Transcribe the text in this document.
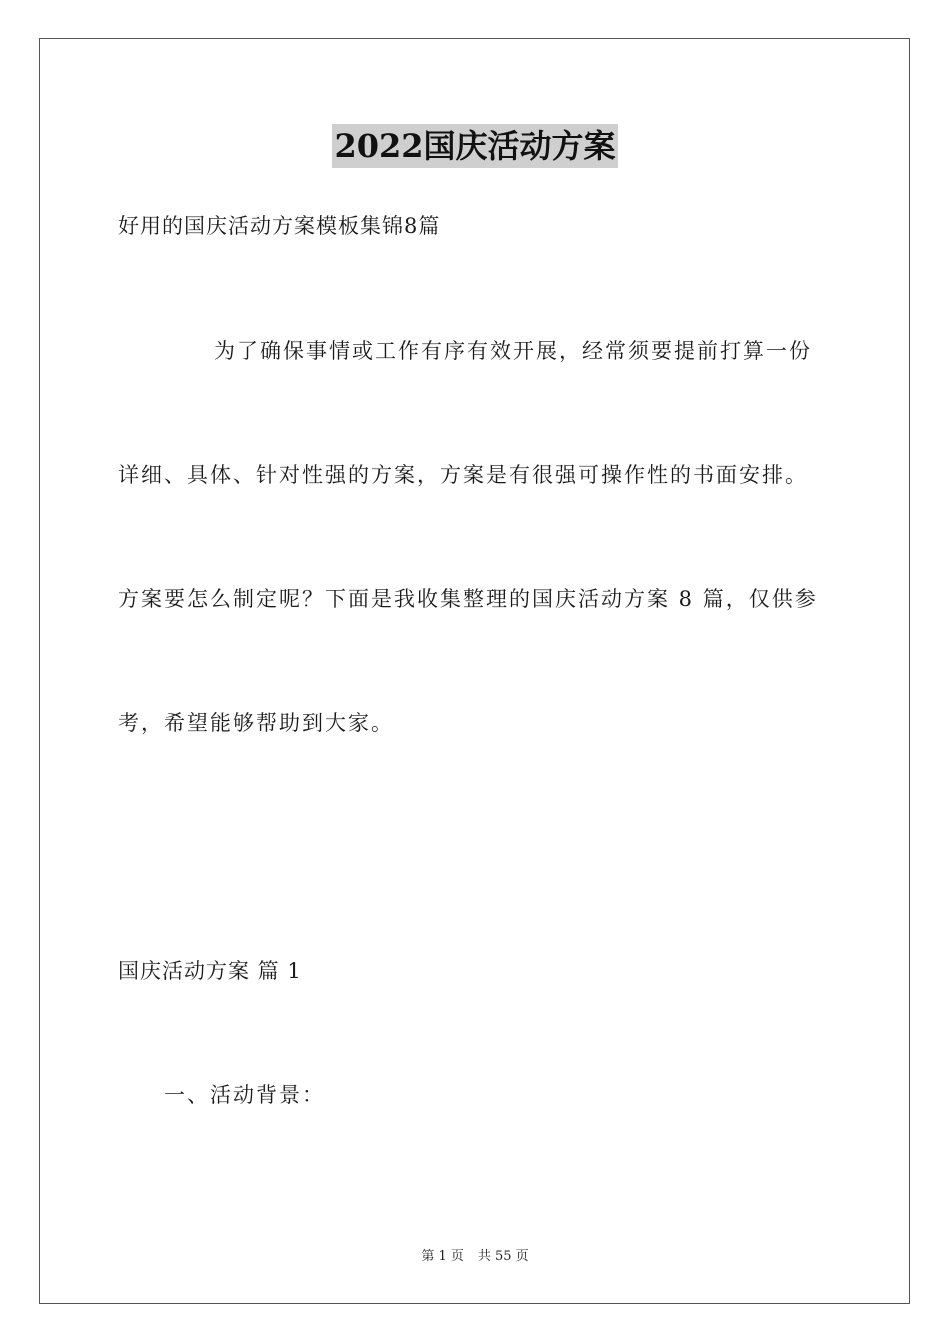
2022国庆活动方案
好用的国庆活动方案模板集锦8篇
为了确保事情或工作有序有效开展，经常须要提前打算一份
详细、具体、针对性强的方案，方案是有很强可操作性的书面安排。
方案要怎么制定呢？下面是我收集整理的国庆活动方案 8 篇，仅供参
考，希望能够帮助到大家。
国庆活动方案 篇 1
一、活动背景：
第 1 页 共 55 页
